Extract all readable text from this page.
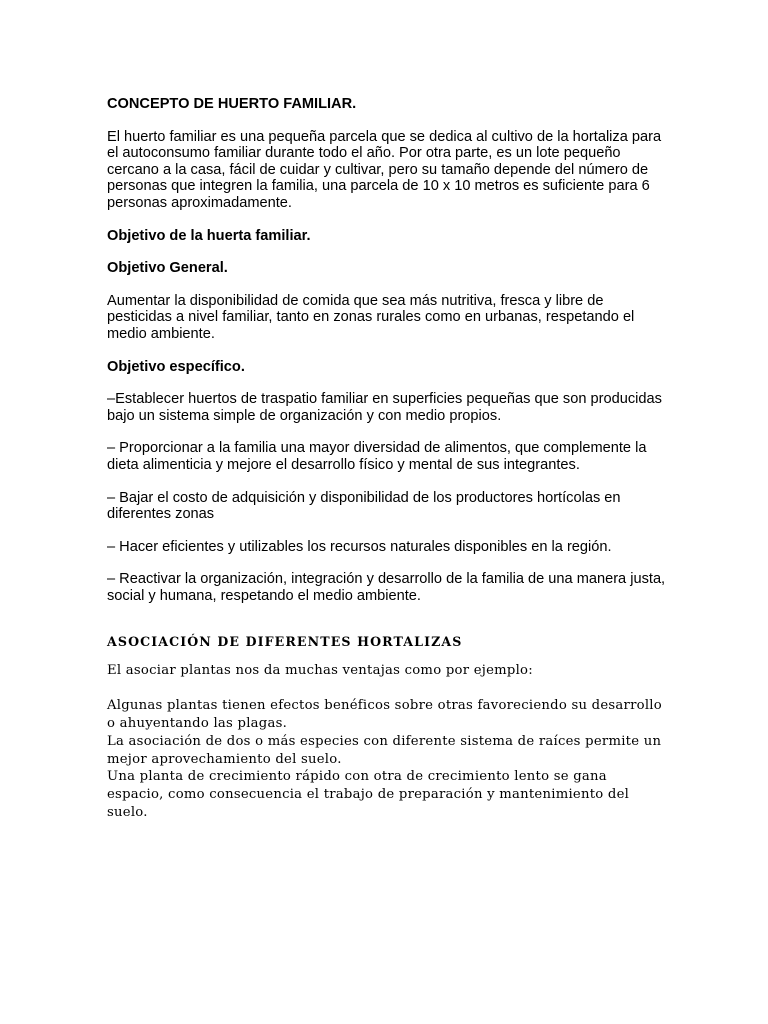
CONCEPTO DE HUERTO FAMILIAR.

El huerto familiar es una pequeña parcela que se dedica al cultivo de la hortaliza para el autoconsumo familiar durante todo el año. Por otra parte, es un lote pequeño cercano a la casa, fácil de cuidar y cultivar, pero su tamaño depende del número de personas que integren la familia, una parcela de 10 x 10 metros es suficiente para 6 personas aproximadamente.

Objetivo de la huerta familiar.
Objetivo General.

Aumentar la disponibilidad de comida que sea más nutritiva, fresca y libre de pesticidas a nivel familiar, tanto en zonas rurales como en urbanas, respetando el medio ambiente.

Objetivo específico.

–Establecer huertos de traspatio familiar en superficies pequeñas que son producidas bajo un sistema simple de organización y con medio propios.

– Proporcionar a la familia una mayor diversidad de alimentos, que complemente la dieta alimenticia y mejore el desarrollo físico y mental de sus integrantes.

– Bajar el costo de adquisición y disponibilidad de los productores hortícolas en diferentes zonas

– Hacer eficientes y utilizables los recursos naturales disponibles en la región.

– Reactivar la organización, integración y desarrollo de la familia de una manera justa, social y humana, respetando el medio ambiente.

ASOCIACIÓN DE DIFERENTES HORTALIZAS

El asociar plantas nos da muchas ventajas como por ejemplo:

Algunas plantas tienen efectos benéficos sobre otras favoreciendo su desarrollo o ahuyentando las plagas.

La asociación de dos o más especies con diferente sistema de raíces permite un mejor aprovechamiento del suelo.

Una planta de crecimiento rápido con otra de crecimiento lento se gana espacio, como consecuencia el trabajo de preparación y mantenimiento del suelo.
